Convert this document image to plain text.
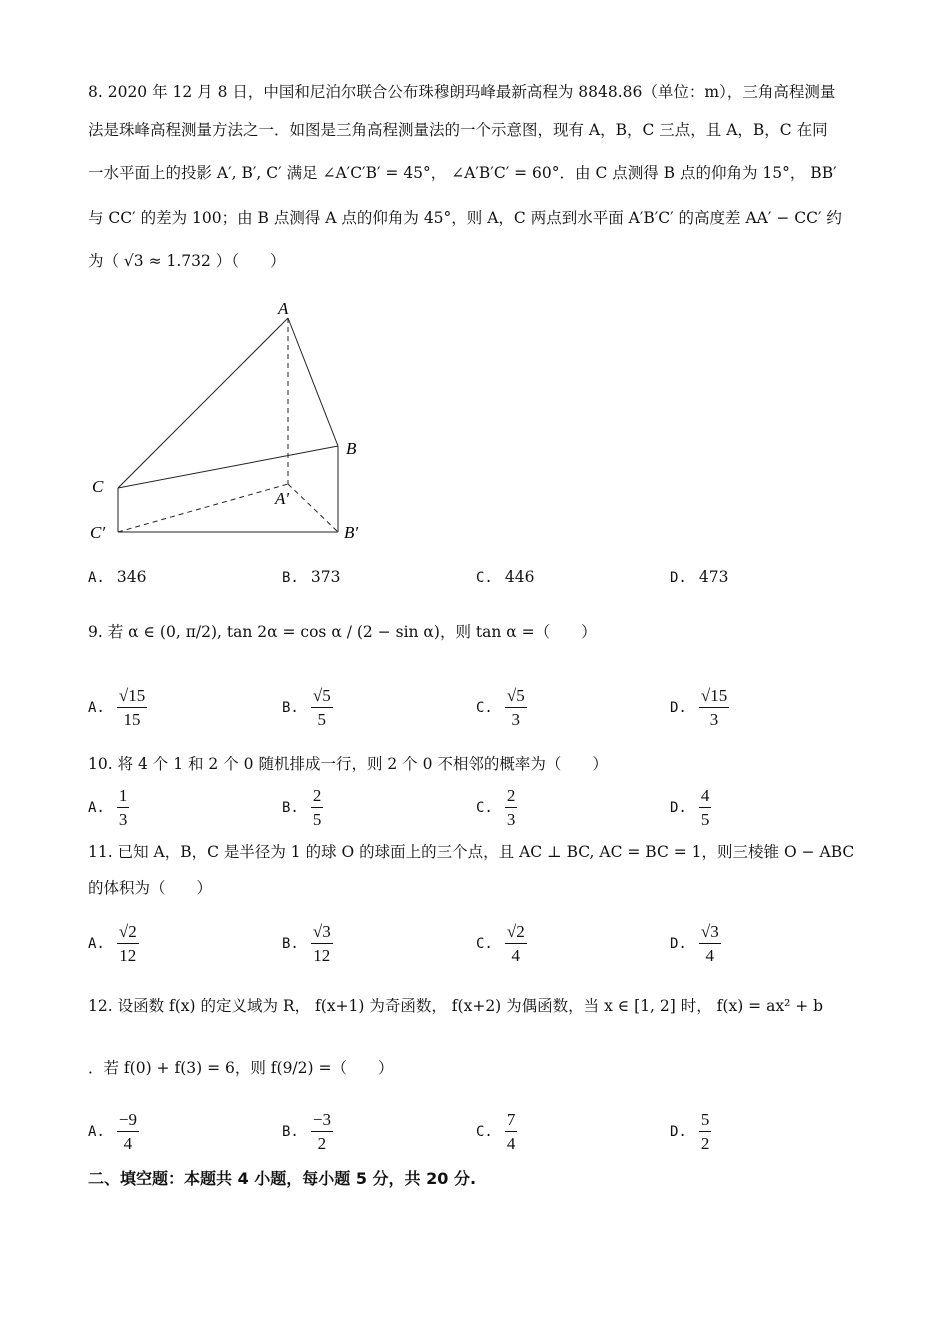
8. 2020 年 12 月 8 日，中国和尼泊尔联合公布珠穆朗玛峰最新高程为 8848.86（单位：m），三角高程测量
法是珠峰高程测量方法之一．如图是三角高程测量法的一个示意图，现有 A，B，C 三点，且 A，B，C 在同
一水平面上的投影 A′, B′, C′ 满足 ∠A′C′B′ = 45°， ∠A′B′C′ = 60°．由 C 点测得 B 点的仰角为 15°， BB′
与 CC′ 的差为 100；由 B 点测得 A 点的仰角为 45°，则 A，C 两点到水平面 A′B′C′ 的高度差 AA′ − CC′ 约
为（ √3 ≈ 1.732 ）（　　）
A
B
C
A′
B′
C′
A. 346	B. 373	C. 446	D. 473
9. 若 α ∈ (0, π/2), tan 2α = cos α / (2 − sin α)，则 tan α =（　　）
A. $\frac{√15}{15}$	B. $\frac{√5}{5}$	C. $\frac{√5}{3}$	D. $\frac{√15}{3}$
10. 将 4 个 1 和 2 个 0 随机排成一行，则 2 个 0 不相邻的概率为（　　）
A. $\frac{1}{3}$	B. $\frac{2}{5}$	C. $\frac{2}{3}$	D. $\frac{4}{5}$
11. 已知 A，B，C 是半径为 1 的球 O 的球面上的三个点，且 AC ⊥ BC, AC = BC = 1，则三棱锥 O − ABC
的体积为（　　）
A. $\frac{√2}{12}$	B. $\frac{√3}{12}$	C. $\frac{√2}{4}$	D. $\frac{√3}{4}$
12. 设函数 f(x) 的定义域为 R， f(x+1) 为奇函数， f(x+2) 为偶函数，当 x ∈ [1, 2] 时， f(x) = ax² + b
．若 f(0) + f(3) = 6，则 f(9/2) =（　　）
A. $\frac{-9}{4}$	B. $\frac{-3}{2}$	C. $\frac{7}{4}$	D. $\frac{5}{2}$
二、填空题：本题共 4 小题，每小题 5 分，共 20 分.
